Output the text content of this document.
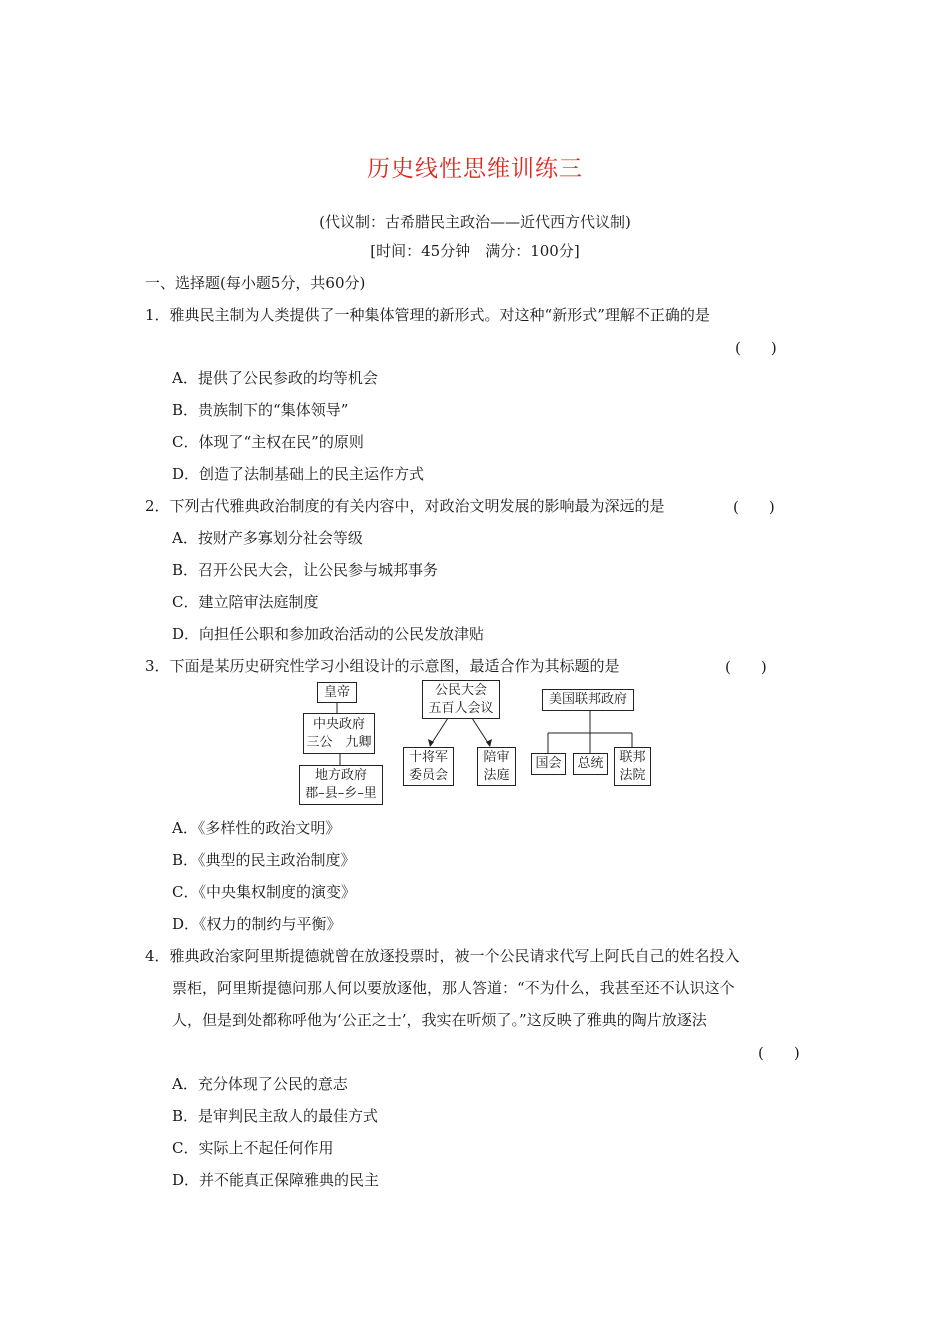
历史线性思维训练三
(代议制：古希腊民主政治——近代西方代议制)
[时间：45分钟　满分：100分]
一、选择题(每小题5分，共60分)
1．雅典民主制为人类提供了一种集体管理的新形式。对这种“新形式”理解不正确的是
(　　)
A．提供了公民参政的均等机会
B．贵族制下的“集体领导”
C．体现了“主权在民”的原则
D．创造了法制基础上的民主运作方式
2．下列古代雅典政治制度的有关内容中，对政治文明发展的影响最为深远的是	(　　)
A．按财产多寡划分社会等级
B．召开公民大会，让公民参与城邦事务
C．建立陪审法庭制度
D．向担任公职和参加政治活动的公民发放津贴
3．下面是某历史研究性学习小组设计的示意图，最适合作为其标题的是	(　　)
皇帝
中央政府
三公　九卿
地方政府
郡–县–乡–里
公民大会
五百人会议
十将军
委员会
陪审
法庭
美国联邦政府
国会 总统 联邦
法院
A．《多样性的政治文明》
B．《典型的民主政治制度》
C．《中央集权制度的演变》
D．《权力的制约与平衡》
4．雅典政治家阿里斯提德就曾在放逐投票时，被一个公民请求代写上阿氏自己的姓名投入
票柜，阿里斯提德问那人何以要放逐他，那人答道：“不为什么，我甚至还不认识这个
人，但是到处都称呼他为‘公正之士’，我实在听烦了。”这反映了雅典的陶片放逐法
(　　)
A．充分体现了公民的意志
B．是审判民主敌人的最佳方式
C．实际上不起任何作用
D．并不能真正保障雅典的民主
